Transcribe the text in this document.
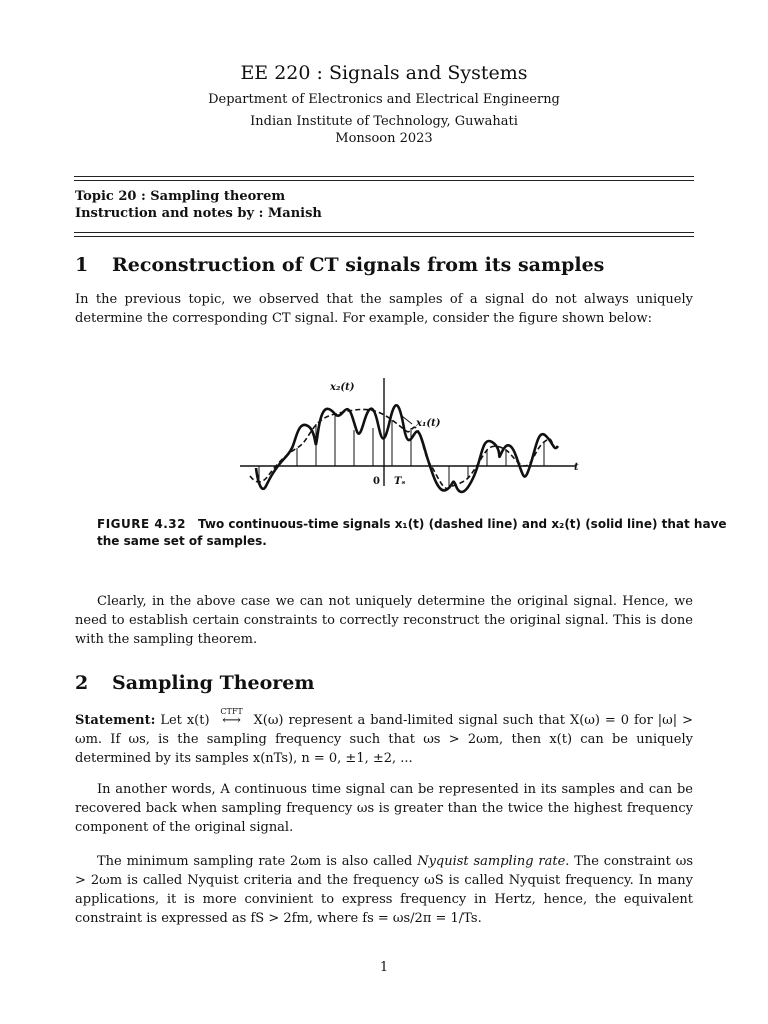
EE 220 : Signals and Systems
Department of Electronics and Electrical Engineerng
Indian Institute of Technology, Guwahati
Monsoon 2023
Topic 20 : Sampling theorem
Instruction and notes by : Manish
1 Reconstruction of CT signals from its samples

In the previous topic, we observed that the samples of a signal do not always uniquely determine the corresponding CT signal. For example, consider the figure shown below:

x₂(t)
x₁(t)
t
0 Tₛ
FIGURE 4.32 Two continuous-time signals x₁(t) (dashed line) and x₂(t) (solid line) that have the same set of samples.

Clearly, in the above case we can not uniquely determine the original signal. Hence, we need to establish certain constraints to correctly reconstruct the original signal. This is done with the sampling theorem.

2 Sampling Theorem

Statement: Let x(t)
CTFT
⟷ X(ω) represent a band-limited signal such that X(ω) = 0 for |ω| > ωm. If ωs, is the sampling frequency such that ωs > 2ωm, then x(t) can be uniquely determined by its samples x(nTs), n = 0, ±1, ±2, ...

In another words, A continuous time signal can be represented in its samples and can be recovered back when sampling frequency ωs is greater than the twice the highest frequency component of the original signal.

The minimum sampling rate 2ωm is also called Nyquist sampling rate. The constraint ωs > 2ωm is called Nyquist criteria and the frequency ωS is called Nyquist frequency. In many applications, it is more convinient to express frequency in Hertz, hence, the equivalent constraint is expressed as fS > 2fm, where fs = ωs/2π = 1/Ts.

1
